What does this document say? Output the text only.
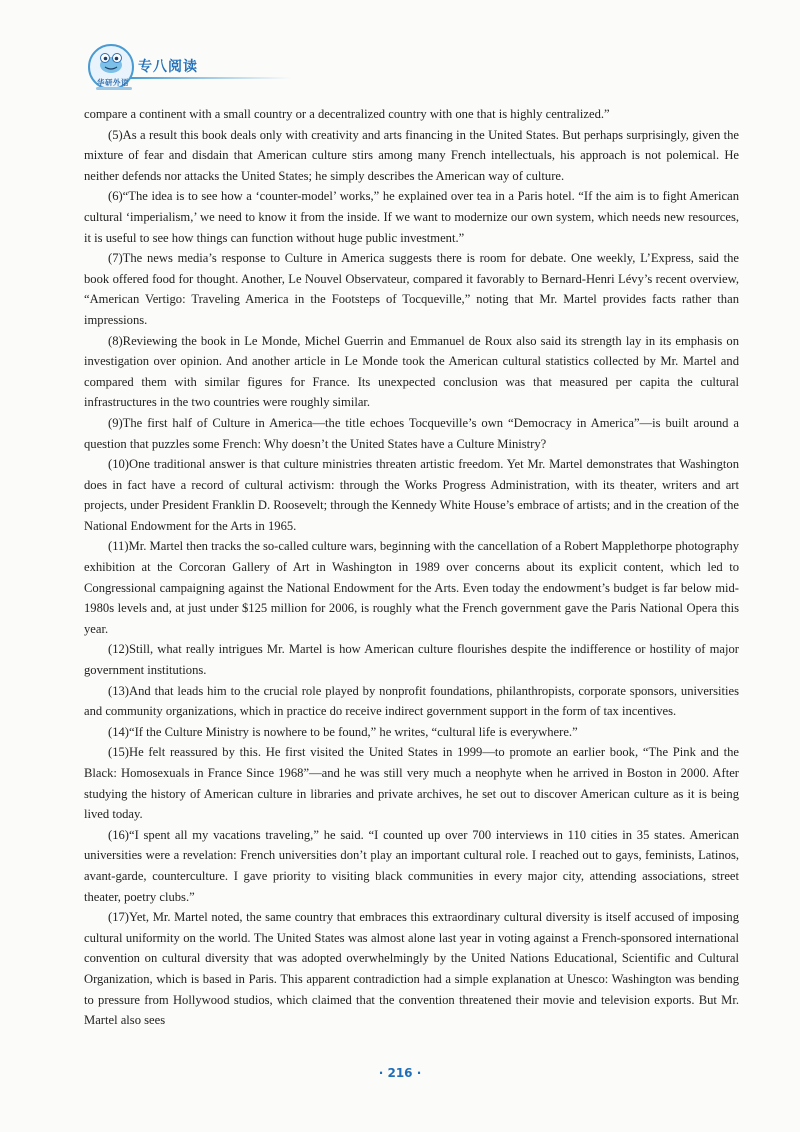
华研外语
专八阅读

compare a continent with a small country or a decentralized country with one that is highly centralized.”

(5)As a result this book deals only with creativity and arts financing in the United States. But perhaps surprisingly, given the mixture of fear and disdain that American culture stirs among many French intellectuals, his approach is not polemical. He neither defends nor attacks the United States; he simply describes the American way of culture.

(6)“The idea is to see how a ‘counter-model’ works,” he explained over tea in a Paris hotel. “If the aim is to fight American cultural ‘imperialism,’ we need to know it from the inside. If we want to modernize our own system, which needs new resources, it is useful to see how things can function without huge public investment.”

(7)The news media’s response to Culture in America suggests there is room for debate. One weekly, L’Express, said the book offered food for thought. Another, Le Nouvel Observateur, compared it favorably to Bernard-Henri Lévy’s recent overview, “American Vertigo: Traveling America in the Footsteps of Tocqueville,” noting that Mr. Martel provides facts rather than impressions.

(8)Reviewing the book in Le Monde, Michel Guerrin and Emmanuel de Roux also said its strength lay in its emphasis on investigation over opinion. And another article in Le Monde took the American cultural statistics collected by Mr. Martel and compared them with similar figures for France. Its unexpected conclusion was that measured per capita the cultural infrastructures in the two countries were roughly similar.

(9)The first half of Culture in America—the title echoes Tocqueville’s own “Democracy in America”—is built around a question that puzzles some French: Why doesn’t the United States have a Culture Ministry?

(10)One traditional answer is that culture ministries threaten artistic freedom. Yet Mr. Martel demonstrates that Washington does in fact have a record of cultural activism: through the Works Progress Administration, with its theater, writers and art projects, under President Franklin D. Roosevelt; through the Kennedy White House’s embrace of artists; and in the creation of the National Endowment for the Arts in 1965.

(11)Mr. Martel then tracks the so-called culture wars, beginning with the cancellation of a Robert Mapplethorpe photography exhibition at the Corcoran Gallery of Art in Washington in 1989 over concerns about its explicit content, which led to Congressional campaigning against the National Endowment for the Arts. Even today the endowment’s budget is far below mid-1980s levels and, at just under $125 million for 2006, is roughly what the French government gave the Paris National Opera this year.

(12)Still, what really intrigues Mr. Martel is how American culture flourishes despite the indifference or hostility of major government institutions.

(13)And that leads him to the crucial role played by nonprofit foundations, philanthropists, corporate sponsors, universities and community organizations, which in practice do receive indirect government support in the form of tax incentives.

(14)“If the Culture Ministry is nowhere to be found,” he writes, “cultural life is everywhere.”

(15)He felt reassured by this. He first visited the United States in 1999—to promote an earlier book, “The Pink and the Black: Homosexuals in France Since 1968”—and he was still very much a neophyte when he arrived in Boston in 2000. After studying the history of American culture in libraries and private archives, he set out to discover American culture as it is being lived today.

(16)“I spent all my vacations traveling,” he said. “I counted up over 700 interviews in 110 cities in 35 states. American universities were a revelation: French universities don’t play an important cultural role. I reached out to gays, feminists, Latinos, avant-garde, counterculture. I gave priority to visiting black communities in every major city, attending associations, street theater, poetry clubs.”

(17)Yet, Mr. Martel noted, the same country that embraces this extraordinary cultural diversity is itself accused of imposing cultural uniformity on the world. The United States was almost alone last year in voting against a French-sponsored international convention on cultural diversity that was adopted overwhelmingly by the United Nations Educational, Scientific and Cultural Organization, which is based in Paris. This apparent contradiction had a simple explanation at Unesco: Washington was bending to pressure from Hollywood studios, which claimed that the convention threatened their movie and television exports. But Mr. Martel also sees

· 216 ·
